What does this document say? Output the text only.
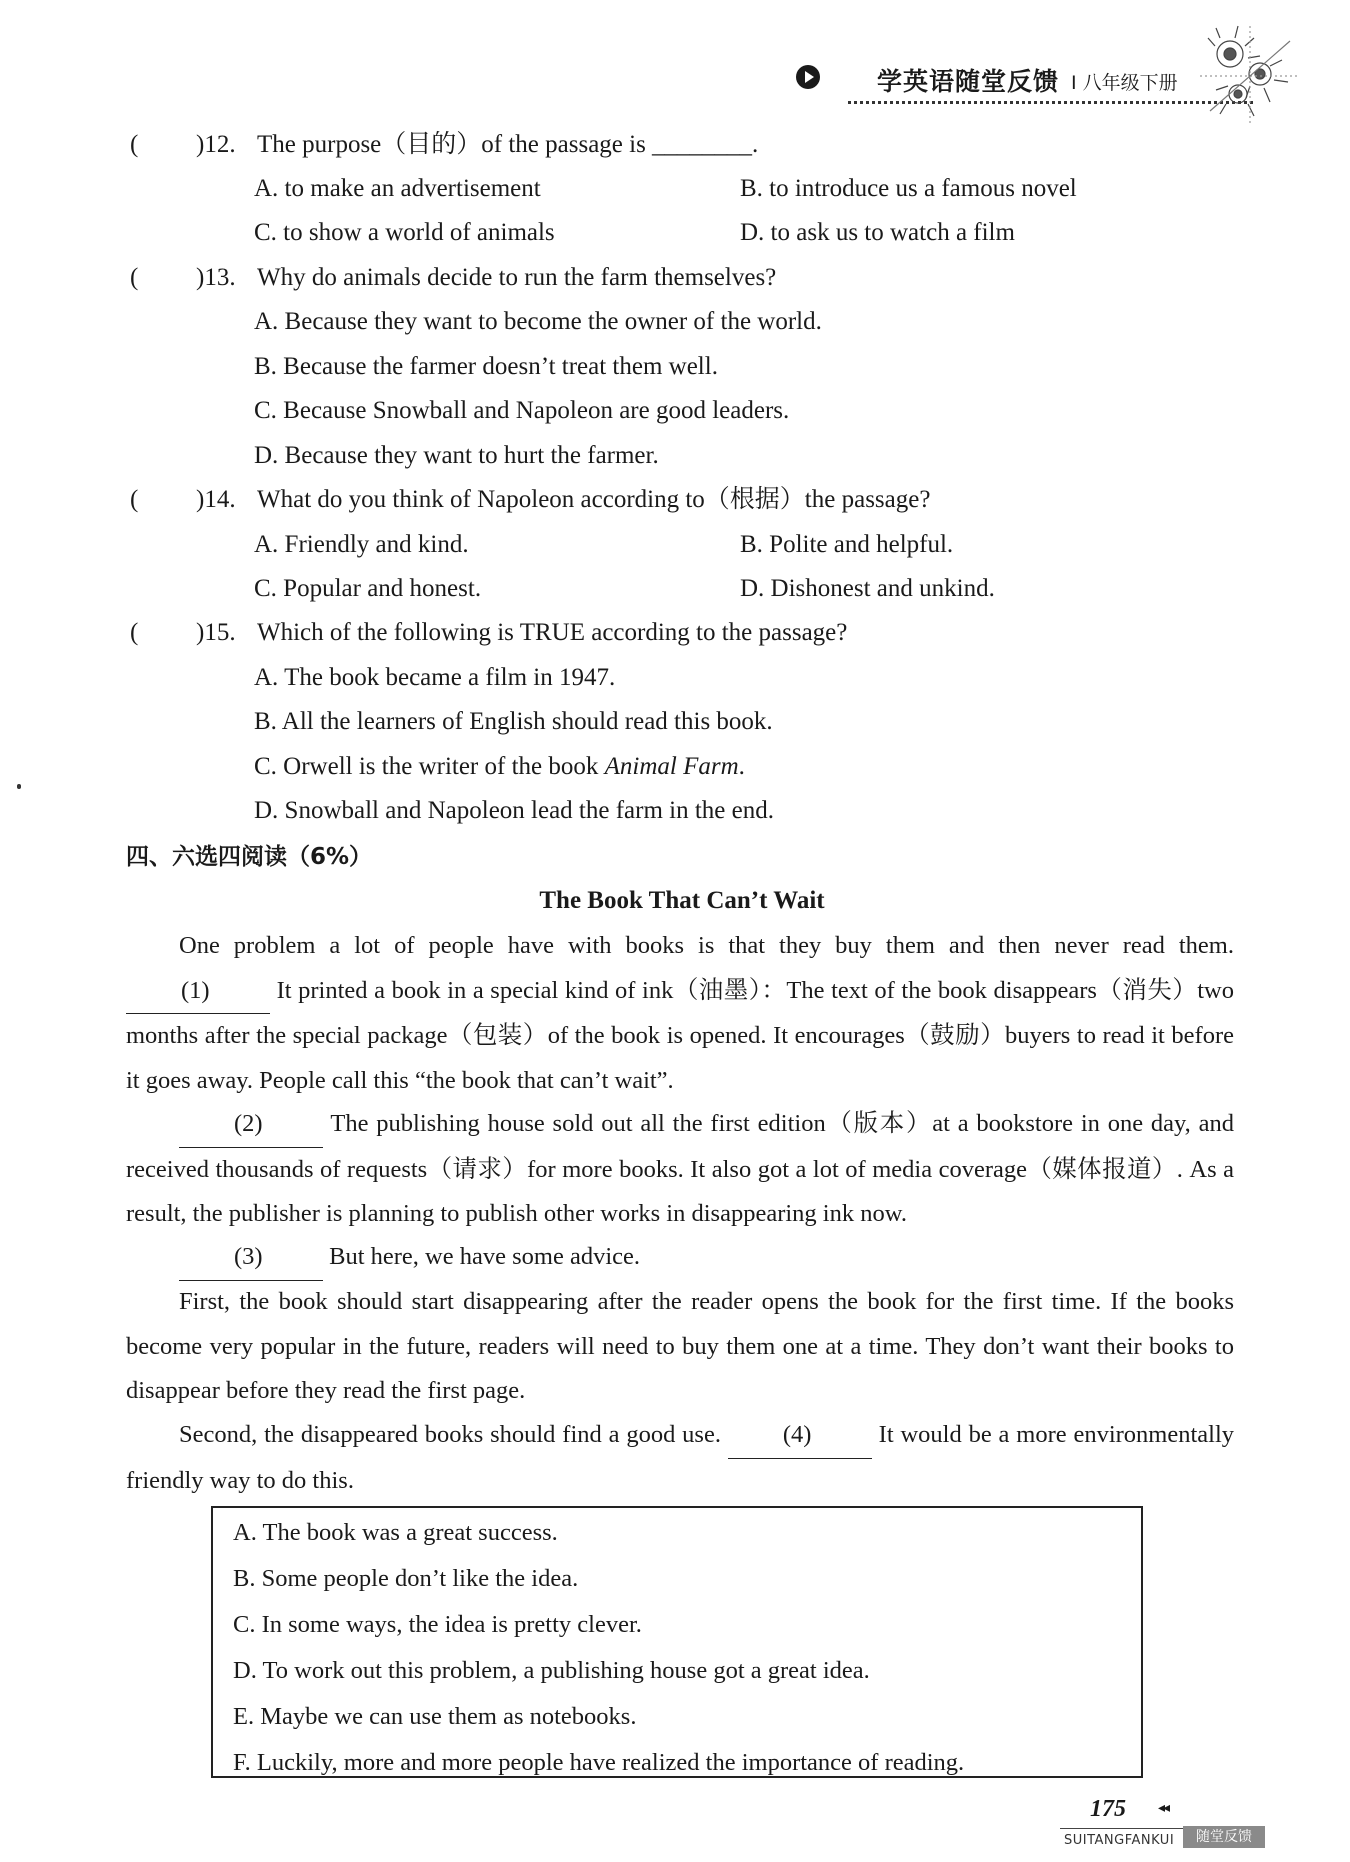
学英语随堂反馈 I 八年级下册
( )12. The purpose（目的）of the passage is ________.
A. to make an advertisement	B. to introduce us a famous novel
C. to show a world of animals	D. to ask us to watch a film
( )13. Why do animals decide to run the farm themselves?
A. Because they want to become the owner of the world.
B. Because the farmer doesn’t treat them well.
C. Because Snowball and Napoleon are good leaders.
D. Because they want to hurt the farmer.
( )14. What do you think of Napoleon according to（根据）the passage?
A. Friendly and kind.	B. Polite and helpful.
C. Popular and honest.	D. Dishonest and unkind.
( )15. Which of the following is TRUE according to the passage?
A. The book became a film in 1947.
B. All the learners of English should read this book.
C. Orwell is the writer of the book Animal Farm.
D. Snowball and Napoleon lead the farm in the end.
四、六选四阅读（6%）
The Book That Can’t Wait
One problem a lot of people have with books is that they buy them and then never read them. (1)	It printed a book in a special kind of ink（油墨）：The text of the book disappears（消失）two months after the special package（包装）of the book is opened. It encourages（鼓励）buyers to read it before it goes away. People call this “the book that can’t wait”.
(2)	The publishing house sold out all the first edition（版本）at a bookstore in one day, and received thousands of requests（请求）for more books. It also got a lot of media coverage（媒体报道）. As a result, the publisher is planning to publish other works in disappearing ink now.
(3)	But here, we have some advice.
First, the book should start disappearing after the reader opens the book for the first time. If the books become very popular in the future, readers will need to buy them one at a time. They don’t want their books to disappear before they read the first page.
Second, the disappeared books should find a good use.	(4)	It would be a more environmentally friendly way to do this.
A. The book was a great success.
B. Some people don’t like the idea.
C. In some ways, the idea is pretty clever.
D. To work out this problem, a publishing house got a great idea.
E. Maybe we can use them as notebooks.
F. Luckily, more and more people have realized the importance of reading.
175 ◂◂
SUITANGFANKUI	随堂反馈
